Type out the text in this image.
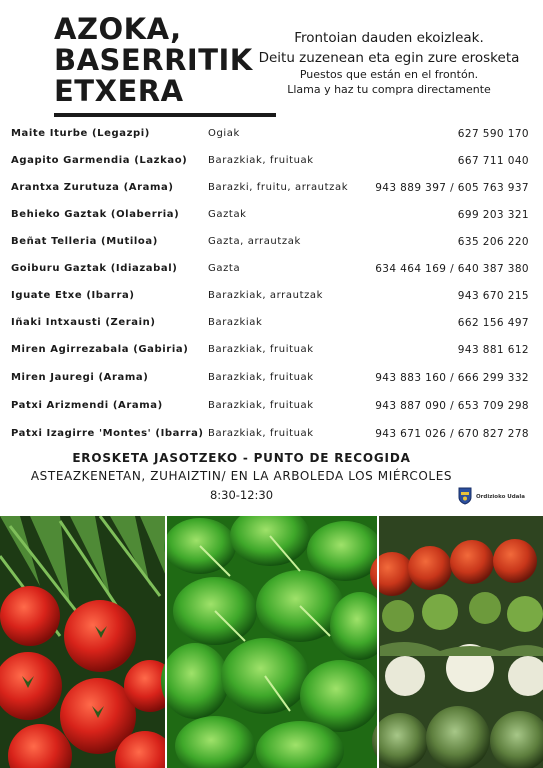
AZOKA,
BASERRITIK
ETXERA
Frontoian dauden ekoizleak.
Deitu zuzenean eta egin zure erosketa
Puestos que están en el frontón.
Llama y haz tu compra directamente
Maite Iturbe (Legazpi)	Ogiak	627 590 170
Agapito Garmendia (Lazkao) Barazkiak, fruituak	667 711 040
Arantxa Zurutuza (Arama)	Barazki, fruitu, arrautzak	943 889 397 / 605 763 937
Behieko Gaztak (Olaberria)	Gaztak	699 203 321
Beñat Telleria (Mutiloa)	Gazta, arrautzak	635 206 220
Goiburu Gaztak (Idiazabal)	Gazta	634 464 169 / 640 387 380
Iguate Etxe (Ibarra)	Barazkiak, arrautzak	943 670 215
Iñaki Intxausti (Zerain)	Barazkiak	662 156 497
Miren Agirrezabala (Gabiria) Barazkiak, fruituak	943 881 612
Miren Jauregi (Arama)	Barazkiak, fruituak	943 883 160 / 666 299 332
Patxi Arizmendi (Arama)	Barazkiak, fruituak	943 887 090 / 653 709 298
Patxi Izagirre 'Montes' (Ibarra) Barazkiak, fruituak	943 671 026 / 670 827 278
EROSKETA JASOTZEKO - PUNTO DE RECOGIDA
ASTEAZKENETAN, ZUHAIZTIN/ EN LA ARBOLEDA LOS MIÉRCOLES
8:30-12:30	Ordizioko Udala
